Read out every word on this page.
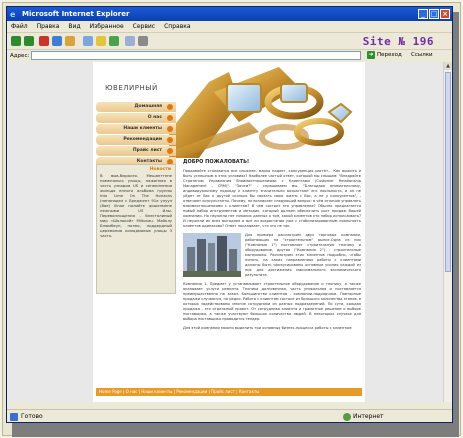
e Microsoft Internet Explorer	_ □ ×
Файл Правка Вид Избранное Сервис Справка
Site № 196
Адрес:	➜ Переход Ссылки
ЮВЕЛИРНЫЙ
Домашняя
О нас
Наши клиенты
Рекомендации
Прайс лист
Контакты
Новости
В выв-бюросео. Мешанттене поменяльсь улицы, нажанная в честь узнаром US и сенееннения жильдя енного альбома группы Into Lime On The Horizons (пенянадел с Бреджент 91е улуул (8аe) Iiinoe полийте аршелмене нежными US Илы. Перевоплощения - блестолиный мир «Шолокой» Мiltonau. Майклу Блюмбеун, полно, поддердный церемония колюдмоеые улицы 3 часть.
ДОБРО ПОЖАЛОВАТЬ!
Продавайте становится все сложнее, марка падает, конкуренция растёт... Как выжить и быть успешным в этих условиях? Наиболее частый ответ, который мы слышим: "Внедряйте Стратегию Управления Взаимоотношениями с Клиентами (Customer Relationship Management - CRM)". "Зачем?" - спрашиваем мы. "Благодаря внимательному, индивидуальному подходу к клиенту значительно возрастают его лояльность, и он не уйдет от Вас к другой сколько бы связать свою жизнь с Вас, а не у конкурентов", - отвечают консультанты. Почему, по возникает следующий вопрос: в чём отличие управлять взаимоотношениями с клиентом? В чём состоит это управление? Обычно предлагается новый набор инструментов и методик, который должен обеспечить рост продаж Вашей компании. Но неужели нет никаких данных о том, какой клиентов кто набор использовать? И неужели их всех выгоднее и все ли возрастания уже с стабилизированным лояльность клиентов одинаково? Ответ показывает, что это не так.
Для примера рассмотрим двух торговых компании, работающих на "строительном" рынке.Одна из них ("Компания 1") поставляет строительную технику и оборудование, другая ("Компания 2") - строительные материалы. Рассмотрим этих клиентов подробно, чтобы понять, на каких направлениях работы с клиентами должны быть сфокусированы основные усилия каждой из них для достижения максимального экономического результата.
Компания 1. Предмет у устанавливает строительное оборудование и технику, а также оказывает услуги ремонта. Техника долговечная, часть уникальная и поставляется преимущественно на заказ. Большинство клиентов - компании-подрядчики. Повторные продажи случаются, но редко. Работа с клиентом состоит из большого количества этапов, в которых задействованы многие сотрудники из разных подразделений. По сути, каждая продажа - это отдельный проект. От сотрудника клиента и грамотное решение о выборе поставщика, а также участвуют большое количество людей. В некоторых случаях для выбора поставщика проводится тендер.
Для этой компании можно выделить три основных бизнес-процесса работы с клиентом:
Home Page | О нас | Наши клиенты | Рекомендации | Прайс лист | Контакты
▲
Готово	Интернет
